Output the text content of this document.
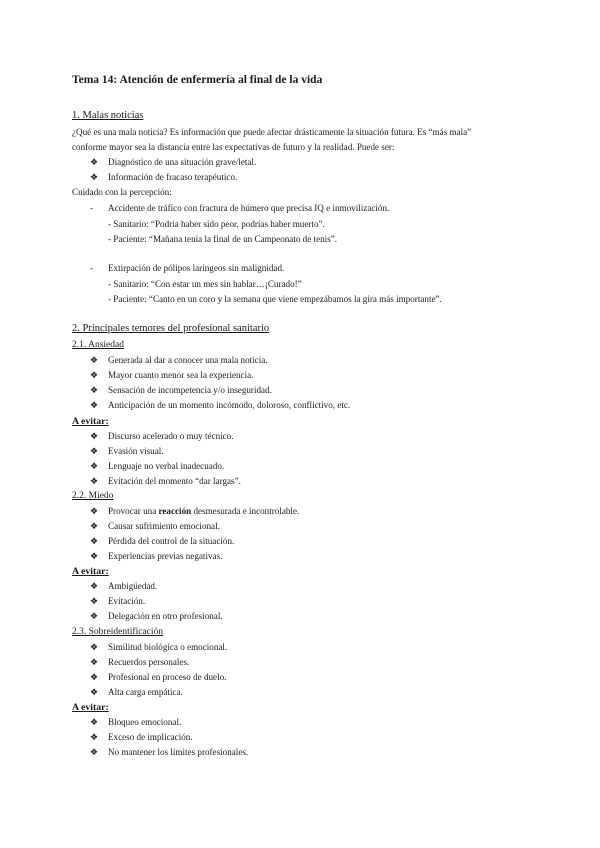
Tema 14: Atención de enfermería al final de la vida
1. Malas noticias
¿Qué es una mala noticia? Es información que puede afectar drásticamente la situación futura. Es “más mala”
conforme mayor sea la distancia entre las expectativas de futuro y la realidad. Puede ser:
❖ Diagnóstico de una situación grave/letal.
❖ Información de fracaso terapéutico.
Cuidado con la percepción:
- Accidente de tráfico con fractura de húmero que precisa IQ e inmovilización.
- Sanitario: “Podría haber sido peor, podrías haber muerto”.
- Paciente: “Mañana tenía la final de un Campeonato de tenis”.
- Extirpación de pólipos laríngeos sin malignidad.
- Sanitario: “Con estar un mes sin hablar…¡Curado!”
- Paciente: “Canto en un coro y la semana que viene empezábamos la gira más importante”.
2. Principales temores del profesional sanitario
2.1. Ansiedad
❖ Generada al dar a conocer una mala noticia.
❖ Mayor cuanto menor sea la experiencia.
❖ Sensación de incompetencia y/o inseguridad.
❖ Anticipación de un momento incómodo, doloroso, conflictivo, etc.
A evitar:
❖ Discurso acelerado o muy técnico.
❖ Evasión visual.
❖ Lenguaje no verbal inadecuado.
❖ Evitación del momento “dar largas”.
2.2. Miedo
❖ Provocar una reacción desmesurada e incontrolable.
❖ Causar sufrimiento emocional.
❖ Pérdida del control de la situación.
❖ Experiencias previas negativas.
A evitar:
❖ Ambigüedad.
❖ Evitación.
❖ Delegación en otro profesional.
2.3. Sobreidentificación
❖ Similitud biológica o emocional.
❖ Recuerdos personales.
❖ Profesional en proceso de duelo.
❖ Alta carga empática.
A evitar:
❖ Bloqueo emocional.
❖ Exceso de implicación.
❖ No mantener los límites profesionales.
